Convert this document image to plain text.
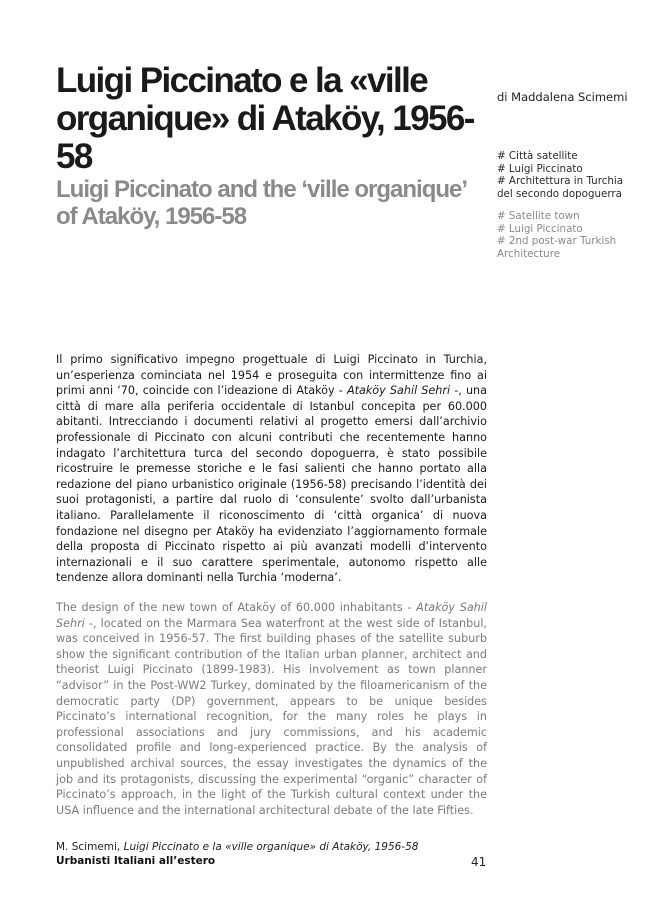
Luigi Piccinato e la «ville organique» di Ataköy, 1956-58
Luigi Piccinato and the ‘ville organique’ of Ataköy, 1956-58
di Maddalena Scimemi
# Città satellite
# Luigi Piccinato
# Architettura in Turchia del secondo dopoguerra
# Satellite town
# Luigi Piccinato
# 2nd post-war Turkish Architecture

Il primo significativo impegno progettuale di Luigi Piccinato in Turchia, un’esperienza cominciata nel 1954 e proseguita con intermittenze fino ai primi anni ‘70, coincide con l’ideazione di Ataköy - Ataköy Sahil Sehri -, una città di mare alla periferia occidentale di Istanbul concepita per 60.000 abitanti. Intrecciando i documenti relativi al progetto emersi dall’archivio professionale di Piccinato con alcuni contributi che recentemente hanno indagato l’architettura turca del secondo dopoguerra, è stato possibile ricostruire le premesse storiche e le fasi salienti che hanno portato alla redazione del piano urbanistico originale (1956-58) precisando l’identità dei suoi protagonisti, a partire dal ruolo di ‘consulente’ svolto dall’urbanista italiano. Parallelamente il riconoscimento di ‘città organica’ di nuova fondazione nel disegno per Ataköy ha evidenziato l’aggiornamento formale della proposta di Piccinato rispetto ai più avanzati modelli d’intervento internazionali e il suo carattere sperimentale, autonomo rispetto alle tendenze allora dominanti nella Turchia ‘moderna’.

The design of the new town of Ataköy of 60.000 inhabitants - Ataköy Sahil Sehri -, located on the Marmara Sea waterfront at the west side of Istanbul, was conceived in 1956-57. The first building phases of the satellite suburb show the significant contribution of the Italian urban planner, architect and theorist Luigi Piccinato (1899-1983). His involvement as town planner “advisor” in the Post-WW2 Turkey, dominated by the filoamericanism of the democratic party (DP) government, appears to be unique besides Piccinato’s international recognition, for the many roles he plays in professional associations and jury commissions, and his academic consolidated profile and long-experienced practice. By the analysis of unpublished archival sources, the essay investigates the dynamics of the job and its protagonists, discussing the experimental “organic” character of Piccinato’s approach, in the light of the Turkish cultural context under the USA influence and the international architectural debate of the late Fifties.

M. Scimemi, Luigi Piccinato e la «ville organique» di Ataköy, 1956-58
Urbanisti Italiani all’estero	41
